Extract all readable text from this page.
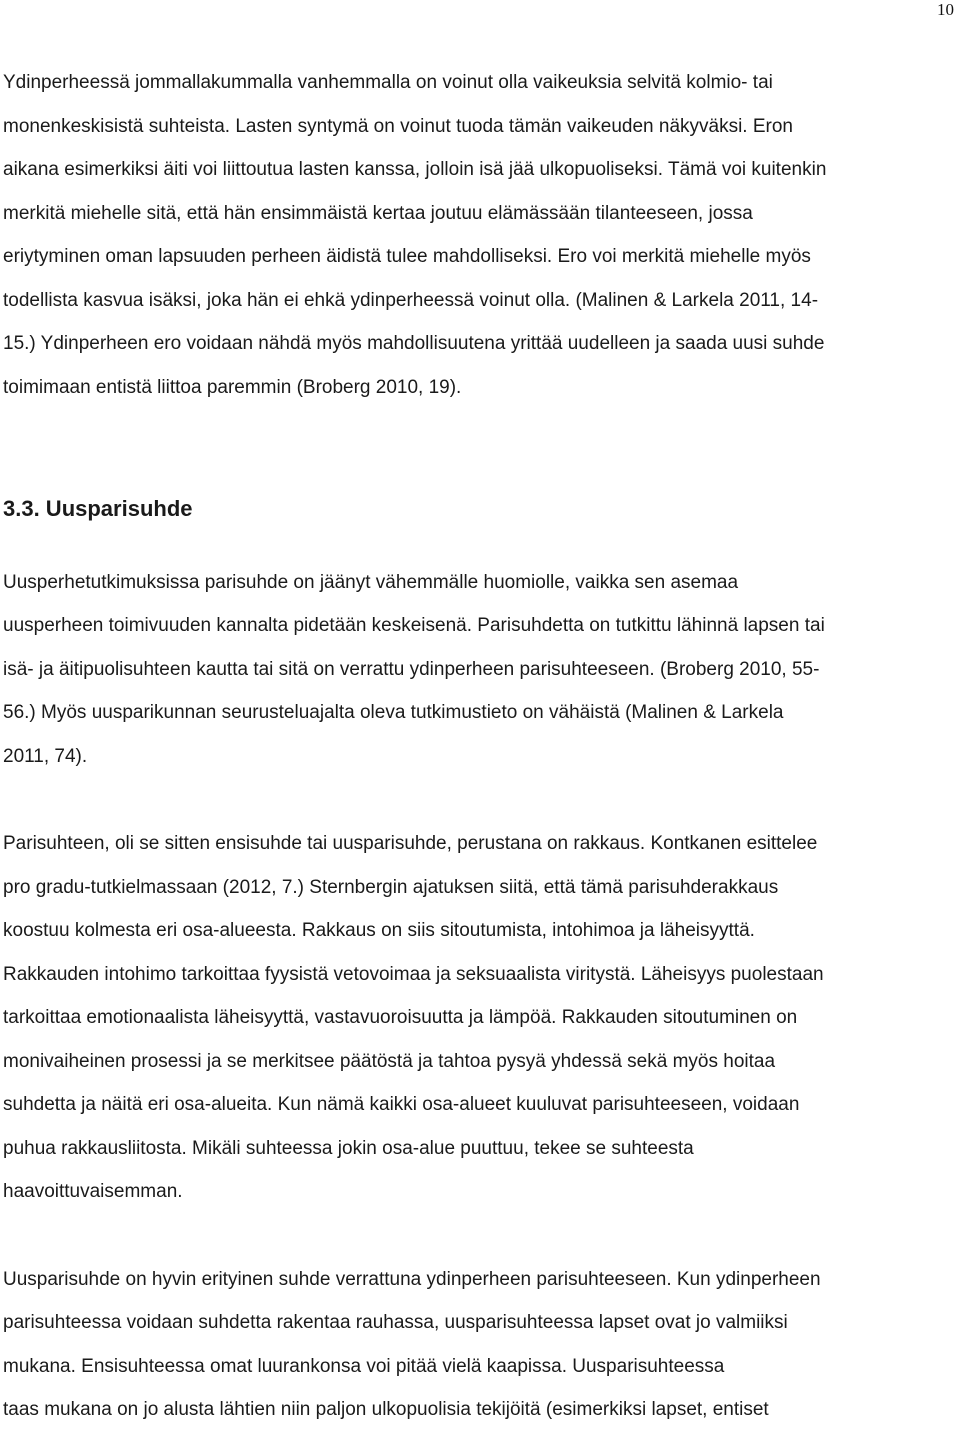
10

Ydinperheessä jommallakummalla vanhemmalla on voinut olla vaikeuksia selvitä kolmio- tai
monenkeskisistä suhteista. Lasten syntymä on voinut tuoda tämän vaikeuden näkyväksi. Eron
aikana esimerkiksi äiti voi liittoutua lasten kanssa, jolloin isä jää ulkopuoliseksi. Tämä voi kuitenkin
merkitä miehelle sitä, että hän ensimmäistä kertaa joutuu elämässään tilanteeseen, jossa
eriytyminen oman lapsuuden perheen äidistä tulee mahdolliseksi. Ero voi merkitä miehelle myös
todellista kasvua isäksi, joka hän ei ehkä ydinperheessä voinut olla. (Malinen & Larkela 2011, 14-
15.) Ydinperheen ero voidaan nähdä myös mahdollisuutena yrittää uudelleen ja saada uusi suhde
toimimaan entistä liittoa paremmin (Broberg 2010, 19).

3.3. Uusparisuhde

Uusperhetutkimuksissa parisuhde on jäänyt vähemmälle huomiolle, vaikka sen asemaa
uusperheen toimivuuden kannalta pidetään keskeisenä. Parisuhdetta on tutkittu lähinnä lapsen tai
isä- ja äitipuolisuhteen kautta tai sitä on verrattu ydinperheen parisuhteeseen. (Broberg 2010, 55-
56.) Myös uusparikunnan seurusteluajalta oleva tutkimustieto on vähäistä (Malinen & Larkela
2011, 74).

Parisuhteen, oli se sitten ensisuhde tai uusparisuhde, perustana on rakkaus. Kontkanen esittelee
pro gradu-tutkielmassaan (2012, 7.) Sternbergin ajatuksen siitä, että tämä parisuhderakkaus
koostuu kolmesta eri osa-alueesta. Rakkaus on siis sitoutumista, intohimoa ja läheisyyttä.
Rakkauden intohimo tarkoittaa fyysistä vetovoimaa ja seksuaalista viritystä. Läheisyys puolestaan
tarkoittaa emotionaalista läheisyyttä, vastavuoroisuutta ja lämpöä. Rakkauden sitoutuminen on
monivaiheinen prosessi ja se merkitsee päätöstä ja tahtoa pysyä yhdessä sekä myös hoitaa
suhdetta ja näitä eri osa-alueita. Kun nämä kaikki osa-alueet kuuluvat parisuhteeseen, voidaan
puhua rakkausliitosta. Mikäli suhteessa jokin osa-alue puuttuu, tekee se suhteesta
haavoittuvaisemman.

Uusparisuhde on hyvin erityinen suhde verrattuna ydinperheen parisuhteeseen. Kun ydinperheen
parisuhteessa voidaan suhdetta rakentaa rauhassa, uusparisuhteessa lapset ovat jo valmiiksi
mukana. Ensisuhteessa omat luurankonsa voi pitää vielä kaapissa. Uusparisuhteessa
taas mukana on jo alusta lähtien niin paljon ulkopuolisia tekijöitä (esimerkiksi lapset, entiset
